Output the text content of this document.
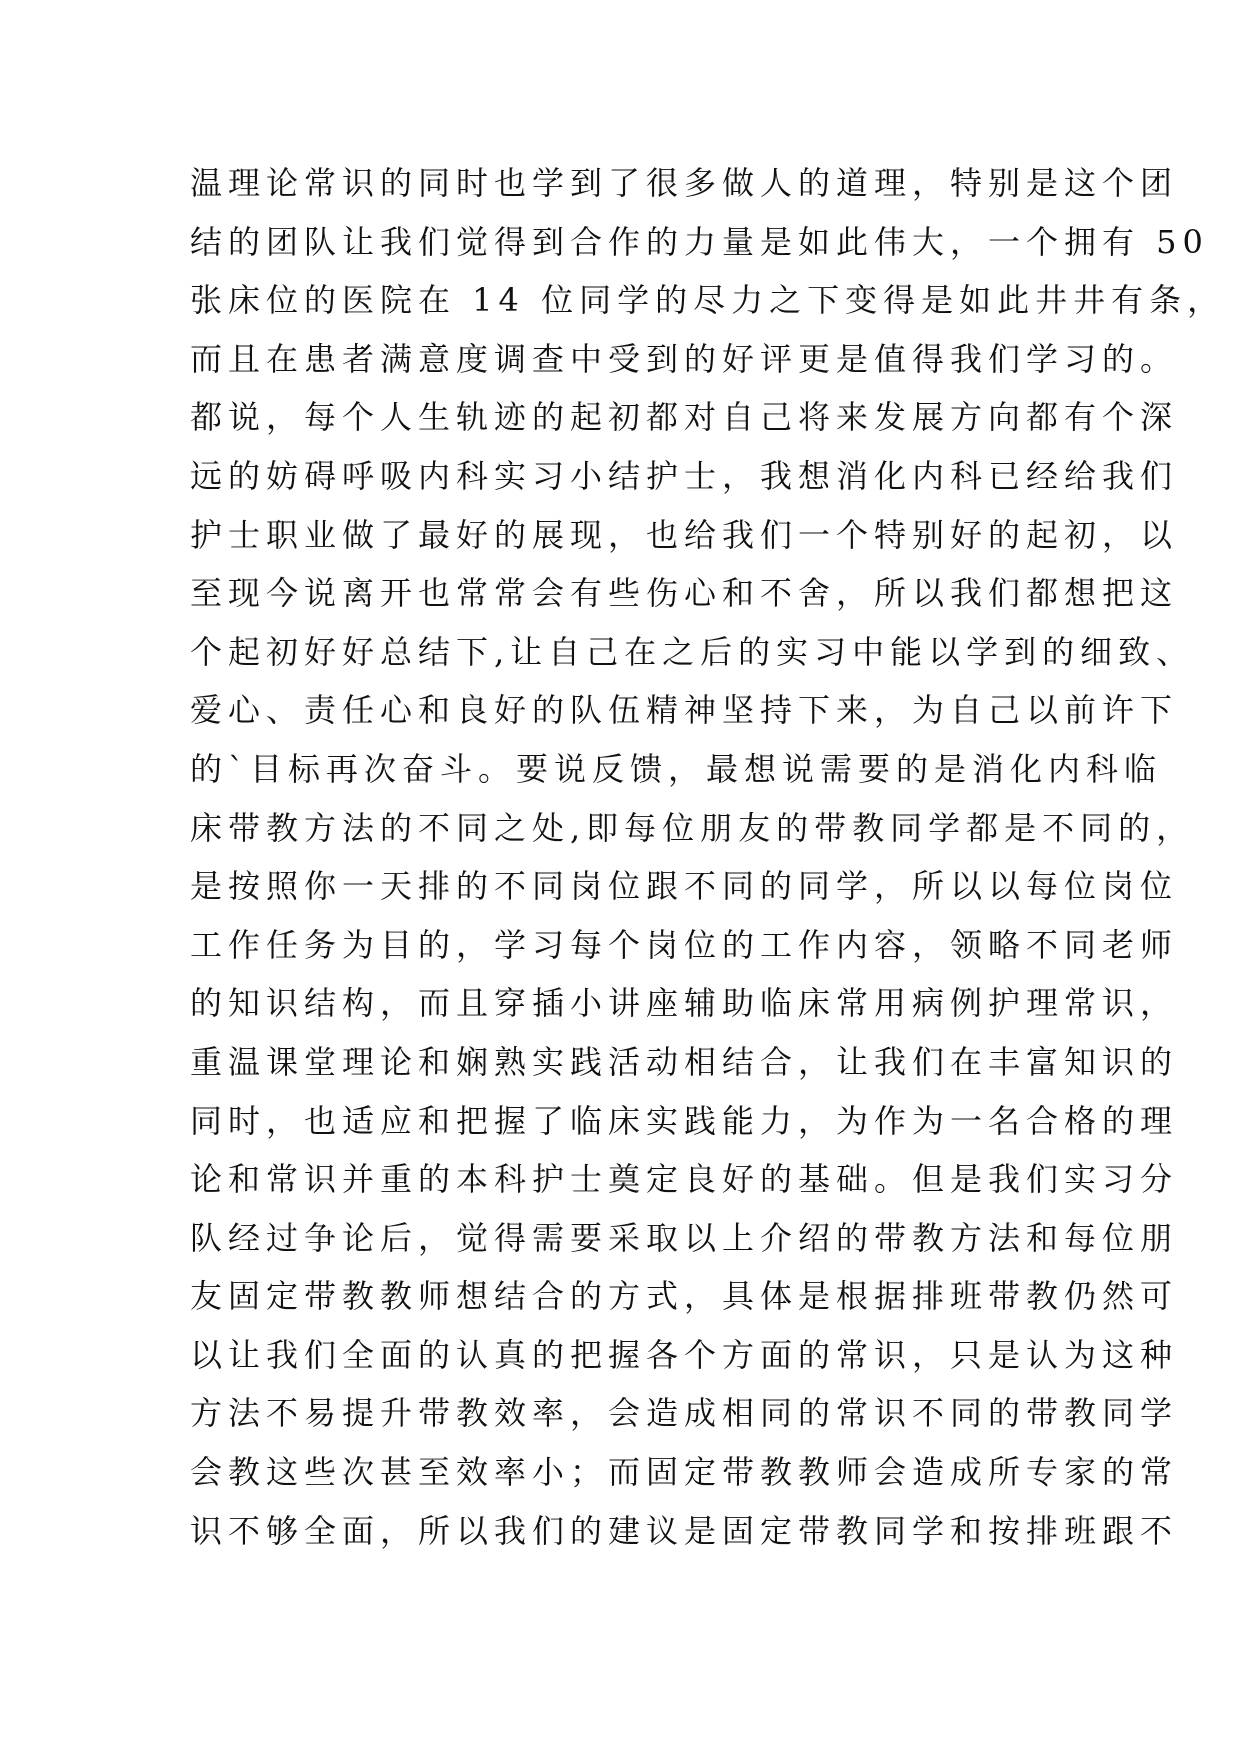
温理论常识的同时也学到了很多做人的道理，特别是这个团
结的团队让我们觉得到合作的力量是如此伟大，一个拥有 50
张床位的医院在 14 位同学的尽力之下变得是如此井井有条，
而且在患者满意度调查中受到的好评更是值得我们学习的。
都说，每个人生轨迹的起初都对自己将来发展方向都有个深
远的妨碍呼吸内科实习小结护士，我想消化内科已经给我们
护士职业做了最好的展现，也给我们一个特别好的起初，以
至现今说离开也常常会有些伤心和不舍，所以我们都想把这
个起初好好总结下,让自己在之后的实习中能以学到的细致、
爱心、责任心和良好的队伍精神坚持下来，为自己以前许下
的`目标再次奋斗。要说反馈，最想说需要的是消化内科临
床带教方法的不同之处,即每位朋友的带教同学都是不同的，
是按照你一天排的不同岗位跟不同的同学，所以以每位岗位
工作任务为目的，学习每个岗位的工作内容，领略不同老师
的知识结构，而且穿插小讲座辅助临床常用病例护理常识，
重温课堂理论和娴熟实践活动相结合，让我们在丰富知识的
同时，也适应和把握了临床实践能力，为作为一名合格的理
论和常识并重的本科护士奠定良好的基础。但是我们实习分
队经过争论后，觉得需要采取以上介绍的带教方法和每位朋
友固定带教教师想结合的方式，具体是根据排班带教仍然可
以让我们全面的认真的把握各个方面的常识，只是认为这种
方法不易提升带教效率，会造成相同的常识不同的带教同学
会教这些次甚至效率小；而固定带教教师会造成所专家的常
识不够全面，所以我们的建议是固定带教同学和按排班跟不
